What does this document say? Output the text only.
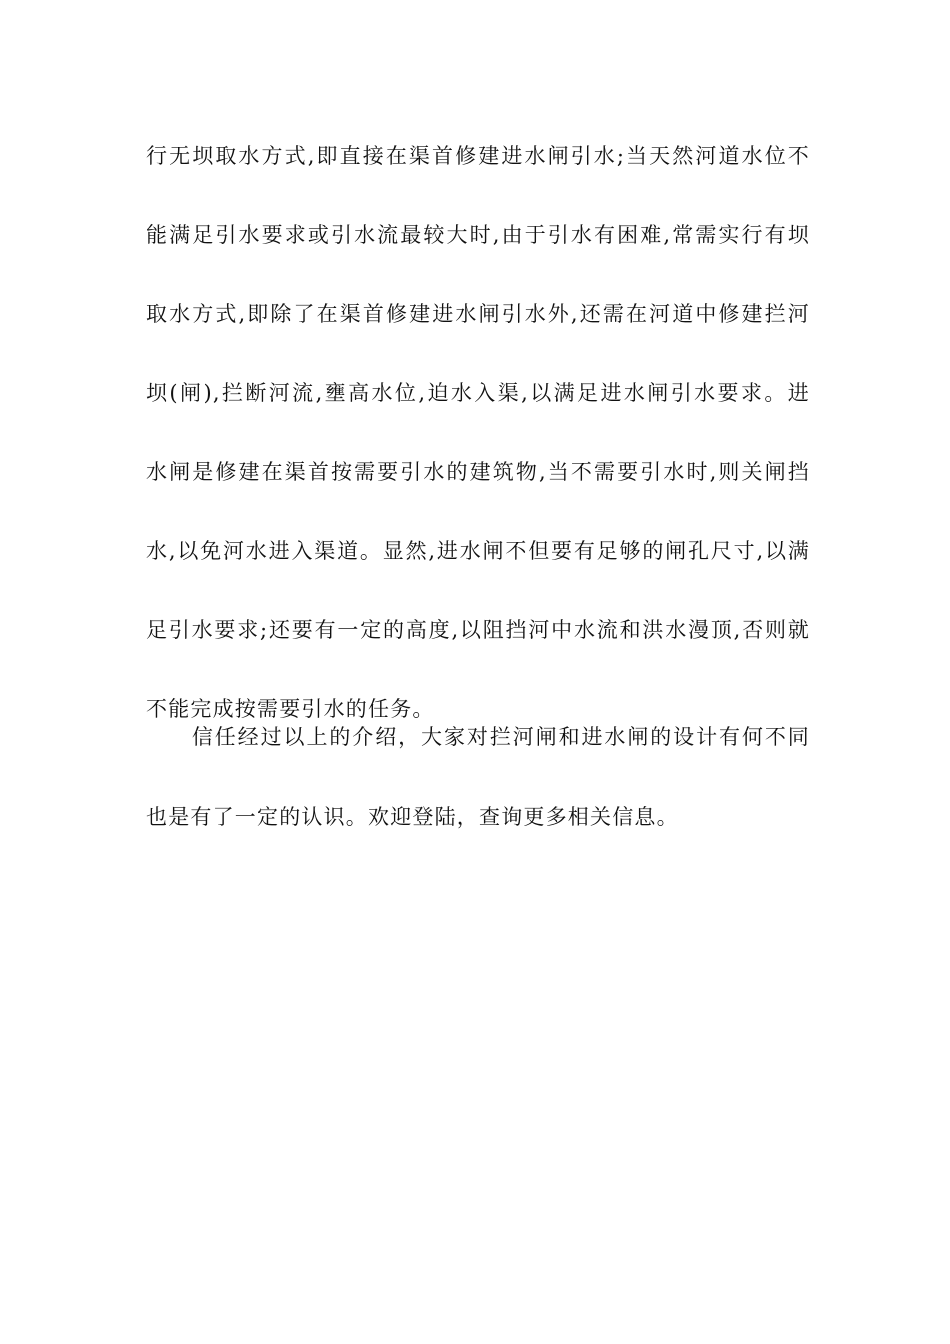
行无坝取水方式,即直接在渠首修建进水闸引水;当天然河道水位不
能满足引水要求或引水流最较大时,由于引水有困难,常需实行有坝
取水方式,即除了在渠首修建进水闸引水外,还需在河道中修建拦河
坝(闸),拦断河流,壅高水位,迫水入渠,以满足进水闸引水要求。进
水闸是修建在渠首按需要引水的建筑物,当不需要引水时,则关闸挡
水,以免河水进入渠道。显然,进水闸不但要有足够的闸孔尺寸,以满
足引水要求;还要有一定的高度,以阻挡河中水流和洪水漫顶,否则就
不能完成按需要引水的任务。
　　信任经过以上的介绍，大家对拦河闸和进水闸的设计有何不同
也是有了一定的认识。欢迎登陆，查询更多相关信息。
